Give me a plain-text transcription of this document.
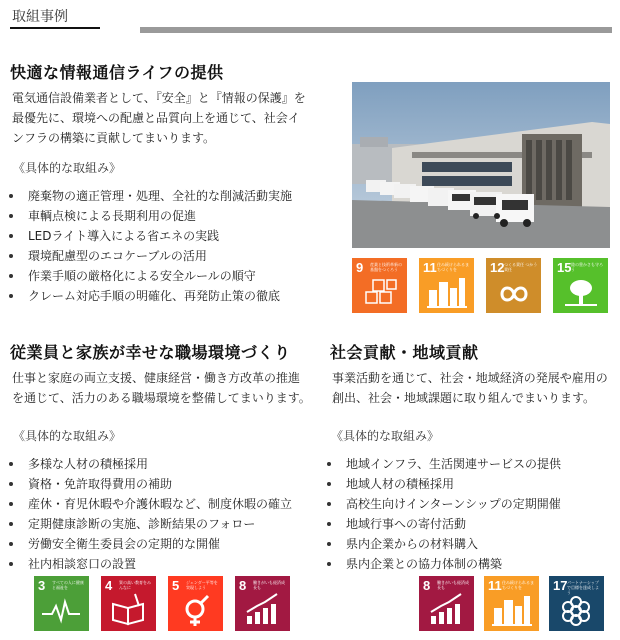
取組事例
快適な情報通信ライフの提供
電気通信設備業者として、『安全』と『情報の保護』を
最優先に、環境への配慮と品質向上を通じて、社会イ
ンフラの構築に貢献してまいります。
《具体的な取組み》
廃棄物の適正管理・処理、全社的な削減活動実施
車輌点検による長期利用の促進
LEDライト導入による省エネの実践
環境配慮型のエコケーブルの活用
作業手順の厳格化による安全ルールの順守
クレーム対応手順の明確化、再発防止策の徹底
9 産業と技術革新の基盤をつくろう	11 住み続けられるまちづくりを	12 つくる責任 つかう責任	15 陸の豊かさも守ろう
従業員と家族が幸せな職場環境づくり
仕事と家庭の両立支援、健康経営・働き方改革の推進
を通じて、活力のある職場環境を整備してまいります。
《具体的な取組み》
多様な人材の積極採用
資格・免許取得費用の補助
産休・育児休暇や介護休暇など、制度休暇の確立
定期健康診断の実施、診断結果のフォロー
労働安全衛生委員会の定期的な開催
社内相談窓口の設置
3 すべての人に健康と福祉を	4 質の高い教育をみんなに	5 ジェンダー平等を実現しよう	8 働きがいも経済成長も
社会貢献・地域貢献
事業活動を通じて、社会・地域経済の発展や雇用の
創出、社会・地域課題に取り組んでまいります。
《具体的な取組み》
地域インフラ、生活関連サービスの提供
地域人材の積極採用
高校生向けインターンシップの定期開催
地域行事への寄付活動
県内企業からの材料購入
県内企業との協力体制の構築
8 働きがいも経済成長も	11 住み続けられるまちづくりを	17 パートナーシップで目標を達成しよう
